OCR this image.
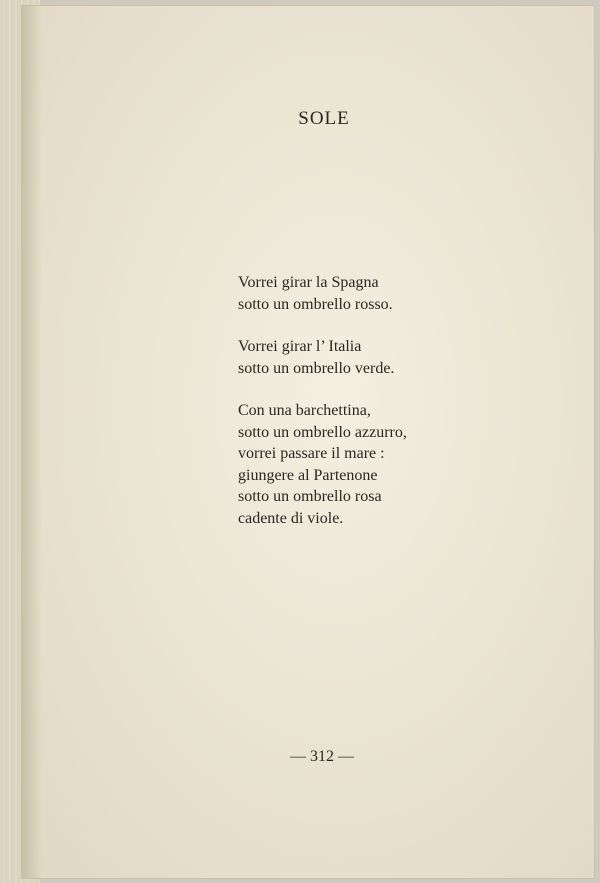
SOLE
Vorrei girar la Spagna
sotto un ombrello rosso.
Vorrei girar l’ Italia
sotto un ombrello verde.
Con una barchettina,
sotto un ombrello azzurro,
vorrei passare il mare :
giungere al Partenone
sotto un ombrello rosa
cadente di viole.
— 312 —
